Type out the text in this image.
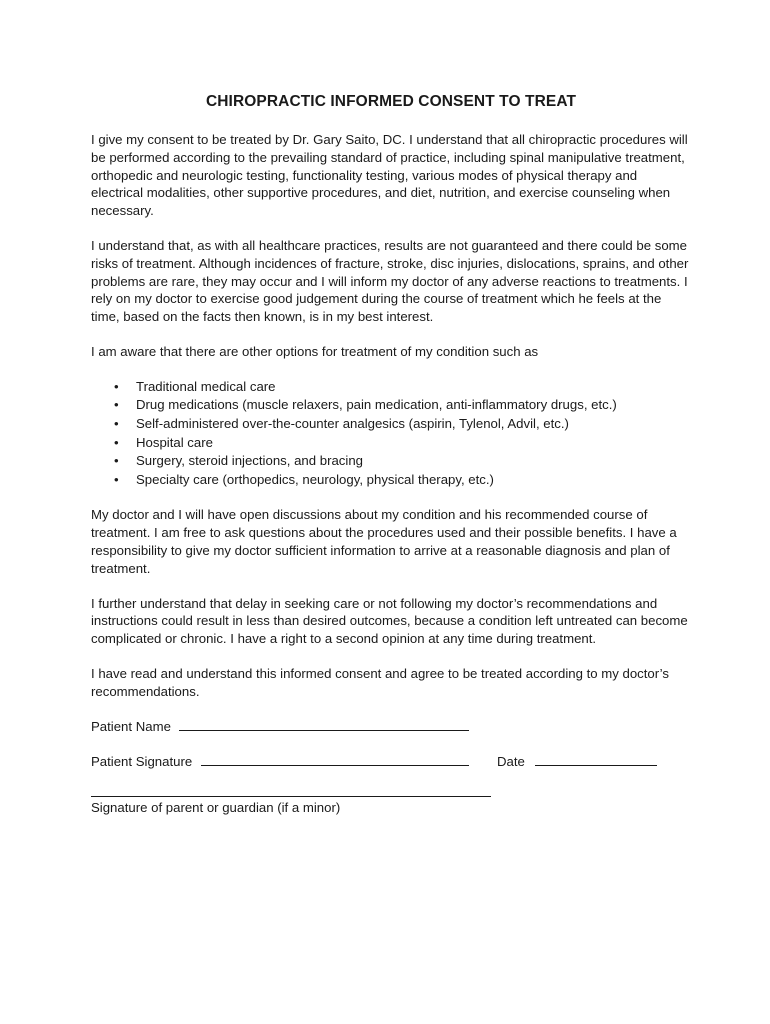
CHIROPRACTIC INFORMED CONSENT TO TREAT

I give my consent to be treated by Dr. Gary Saito, DC. I understand that all chiropractic procedures will be performed according to the prevailing standard of practice, including spinal manipulative treatment, orthopedic and neurologic testing, functionality testing, various modes of physical therapy and electrical modalities, other supportive procedures, and diet, nutrition, and exercise counseling when necessary.

I understand that, as with all healthcare practices, results are not guaranteed and there could be some risks of treatment. Although incidences of fracture, stroke, disc injuries, dislocations, sprains, and other problems are rare, they may occur and I will inform my doctor of any adverse reactions to treatments. I rely on my doctor to exercise good judgement during the course of treatment which he feels at the time, based on the facts then known, is in my best interest.

I am aware that there are other options for treatment of my condition such as

• Traditional medical care
• Drug medications (muscle relaxers, pain medication, anti-inflammatory drugs, etc.)
• Self-administered over-the-counter analgesics (aspirin, Tylenol, Advil, etc.)
• Hospital care
• Surgery, steroid injections, and bracing
• Specialty care (orthopedics, neurology, physical therapy, etc.)

My doctor and I will have open discussions about my condition and his recommended course of treatment. I am free to ask questions about the procedures used and their possible benefits. I have a responsibility to give my doctor sufficient information to arrive at a reasonable diagnosis and plan of treatment.

I further understand that delay in seeking care or not following my doctor’s recommendations and instructions could result in less than desired outcomes, because a condition left untreated can become complicated or chronic. I have a right to a second opinion at any time during treatment.

I have read and understand this informed consent and agree to be treated according to my doctor’s recommendations.

Patient Name
Patient Signature	Date
Signature of parent or guardian (if a minor)
